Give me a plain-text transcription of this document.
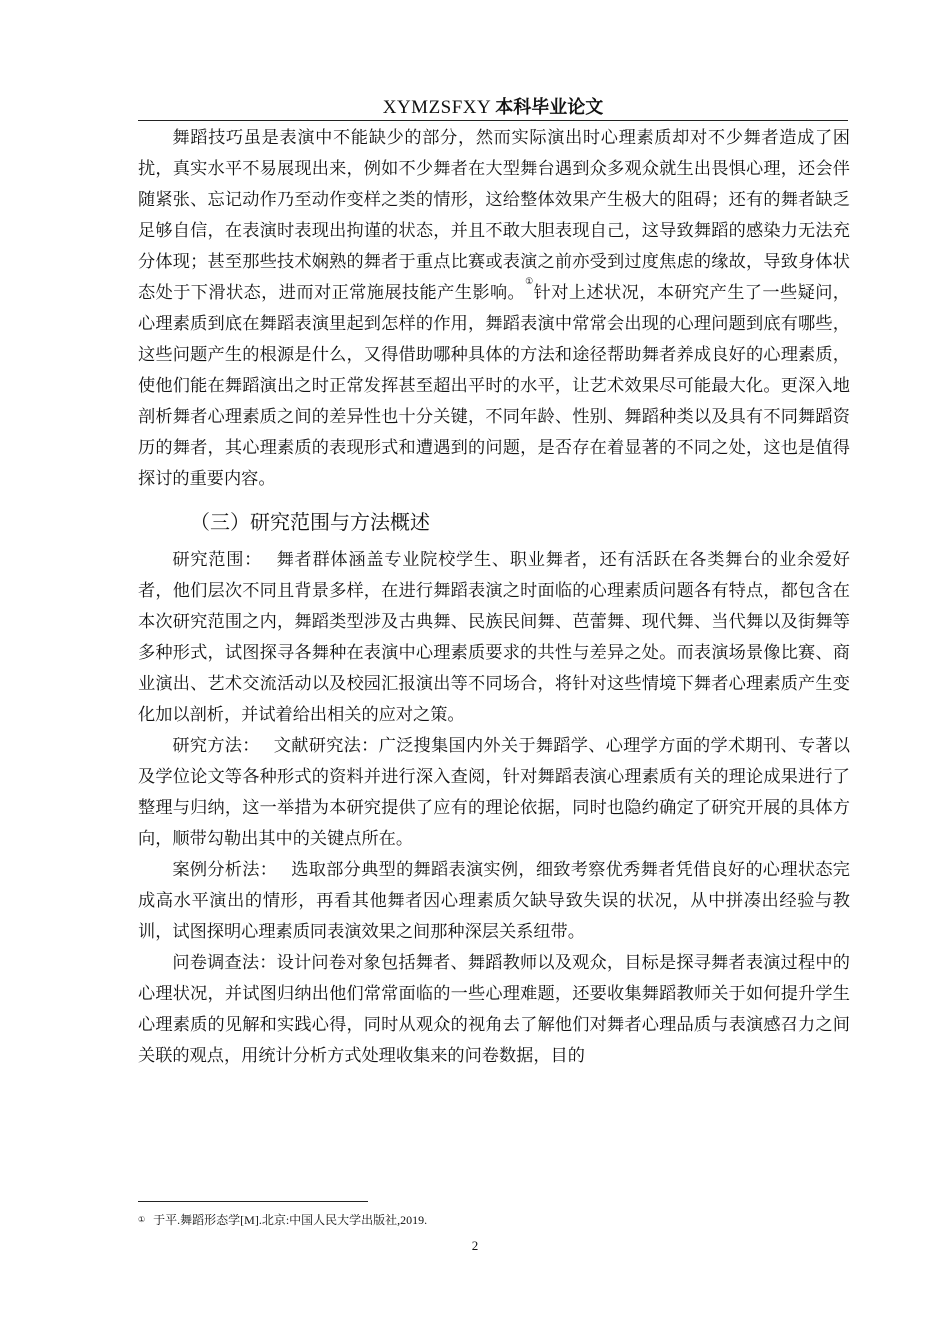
XYMZSFXY 本科毕业论文

舞蹈技巧虽是表演中不能缺少的部分，然而实际演出时心理素质却对不少舞者造成了困扰，真实水平不易展现出来，例如不少舞者在大型舞台遇到众多观众就生出畏惧心理，还会伴随紧张、忘记动作乃至动作变样之类的情形，这给整体效果产生极大的阻碍；还有的舞者缺乏足够自信，在表演时表现出拘谨的状态，并且不敢大胆表现自己，这导致舞蹈的感染力无法充分体现；甚至那些技术娴熟的舞者于重点比赛或表演之前亦受到过度焦虑的缘故，导致身体状态处于下滑状态，进而对正常施展技能产生影响。①针对上述状况，本研究产生了一些疑问，心理素质到底在舞蹈表演里起到怎样的作用，舞蹈表演中常常会出现的心理问题到底有哪些，这些问题产生的根源是什么，又得借助哪种具体的方法和途径帮助舞者养成良好的心理素质，使他们能在舞蹈演出之时正常发挥甚至超出平时的水平，让艺术效果尽可能最大化。更深入地剖析舞者心理素质之间的差异性也十分关键，不同年龄、性别、舞蹈种类以及具有不同舞蹈资历的舞者，其心理素质的表现形式和遭遇到的问题，是否存在着显著的不同之处，这也是值得探讨的重要内容。

（三）研究范围与方法概述

研究范围： 舞者群体涵盖专业院校学生、职业舞者，还有活跃在各类舞台的业余爱好者，他们层次不同且背景多样，在进行舞蹈表演之时面临的心理素质问题各有特点，都包含在本次研究范围之内，舞蹈类型涉及古典舞、民族民间舞、芭蕾舞、现代舞、当代舞以及街舞等多种形式，试图探寻各舞种在表演中心理素质要求的共性与差异之处。而表演场景像比赛、商业演出、艺术交流活动以及校园汇报演出等不同场合，将针对这些情境下舞者心理素质产生变化加以剖析，并试着给出相关的应对之策。

研究方法： 文献研究法：广泛搜集国内外关于舞蹈学、心理学方面的学术期刊、专著以及学位论文等各种形式的资料并进行深入查阅，针对舞蹈表演心理素质有关的理论成果进行了整理与归纳，这一举措为本研究提供了应有的理论依据，同时也隐约确定了研究开展的具体方向，顺带勾勒出其中的关键点所在。

案例分析法： 选取部分典型的舞蹈表演实例，细致考察优秀舞者凭借良好的心理状态完成高水平演出的情形，再看其他舞者因心理素质欠缺导致失误的状况，从中拼凑出经验与教训，试图探明心理素质同表演效果之间那种深层关系纽带。

问卷调查法：设计问卷对象包括舞者、舞蹈教师以及观众，目标是探寻舞者表演过程中的心理状况，并试图归纳出他们常常面临的一些心理难题，还要收集舞蹈教师关于如何提升学生心理素质的见解和实践心得，同时从观众的视角去了解他们对舞者心理品质与表演感召力之间关联的观点，用统计分析方式处理收集来的问卷数据，目的

① 于平.舞蹈形态学[M].北京:中国人民大学出版社,2019.
2
